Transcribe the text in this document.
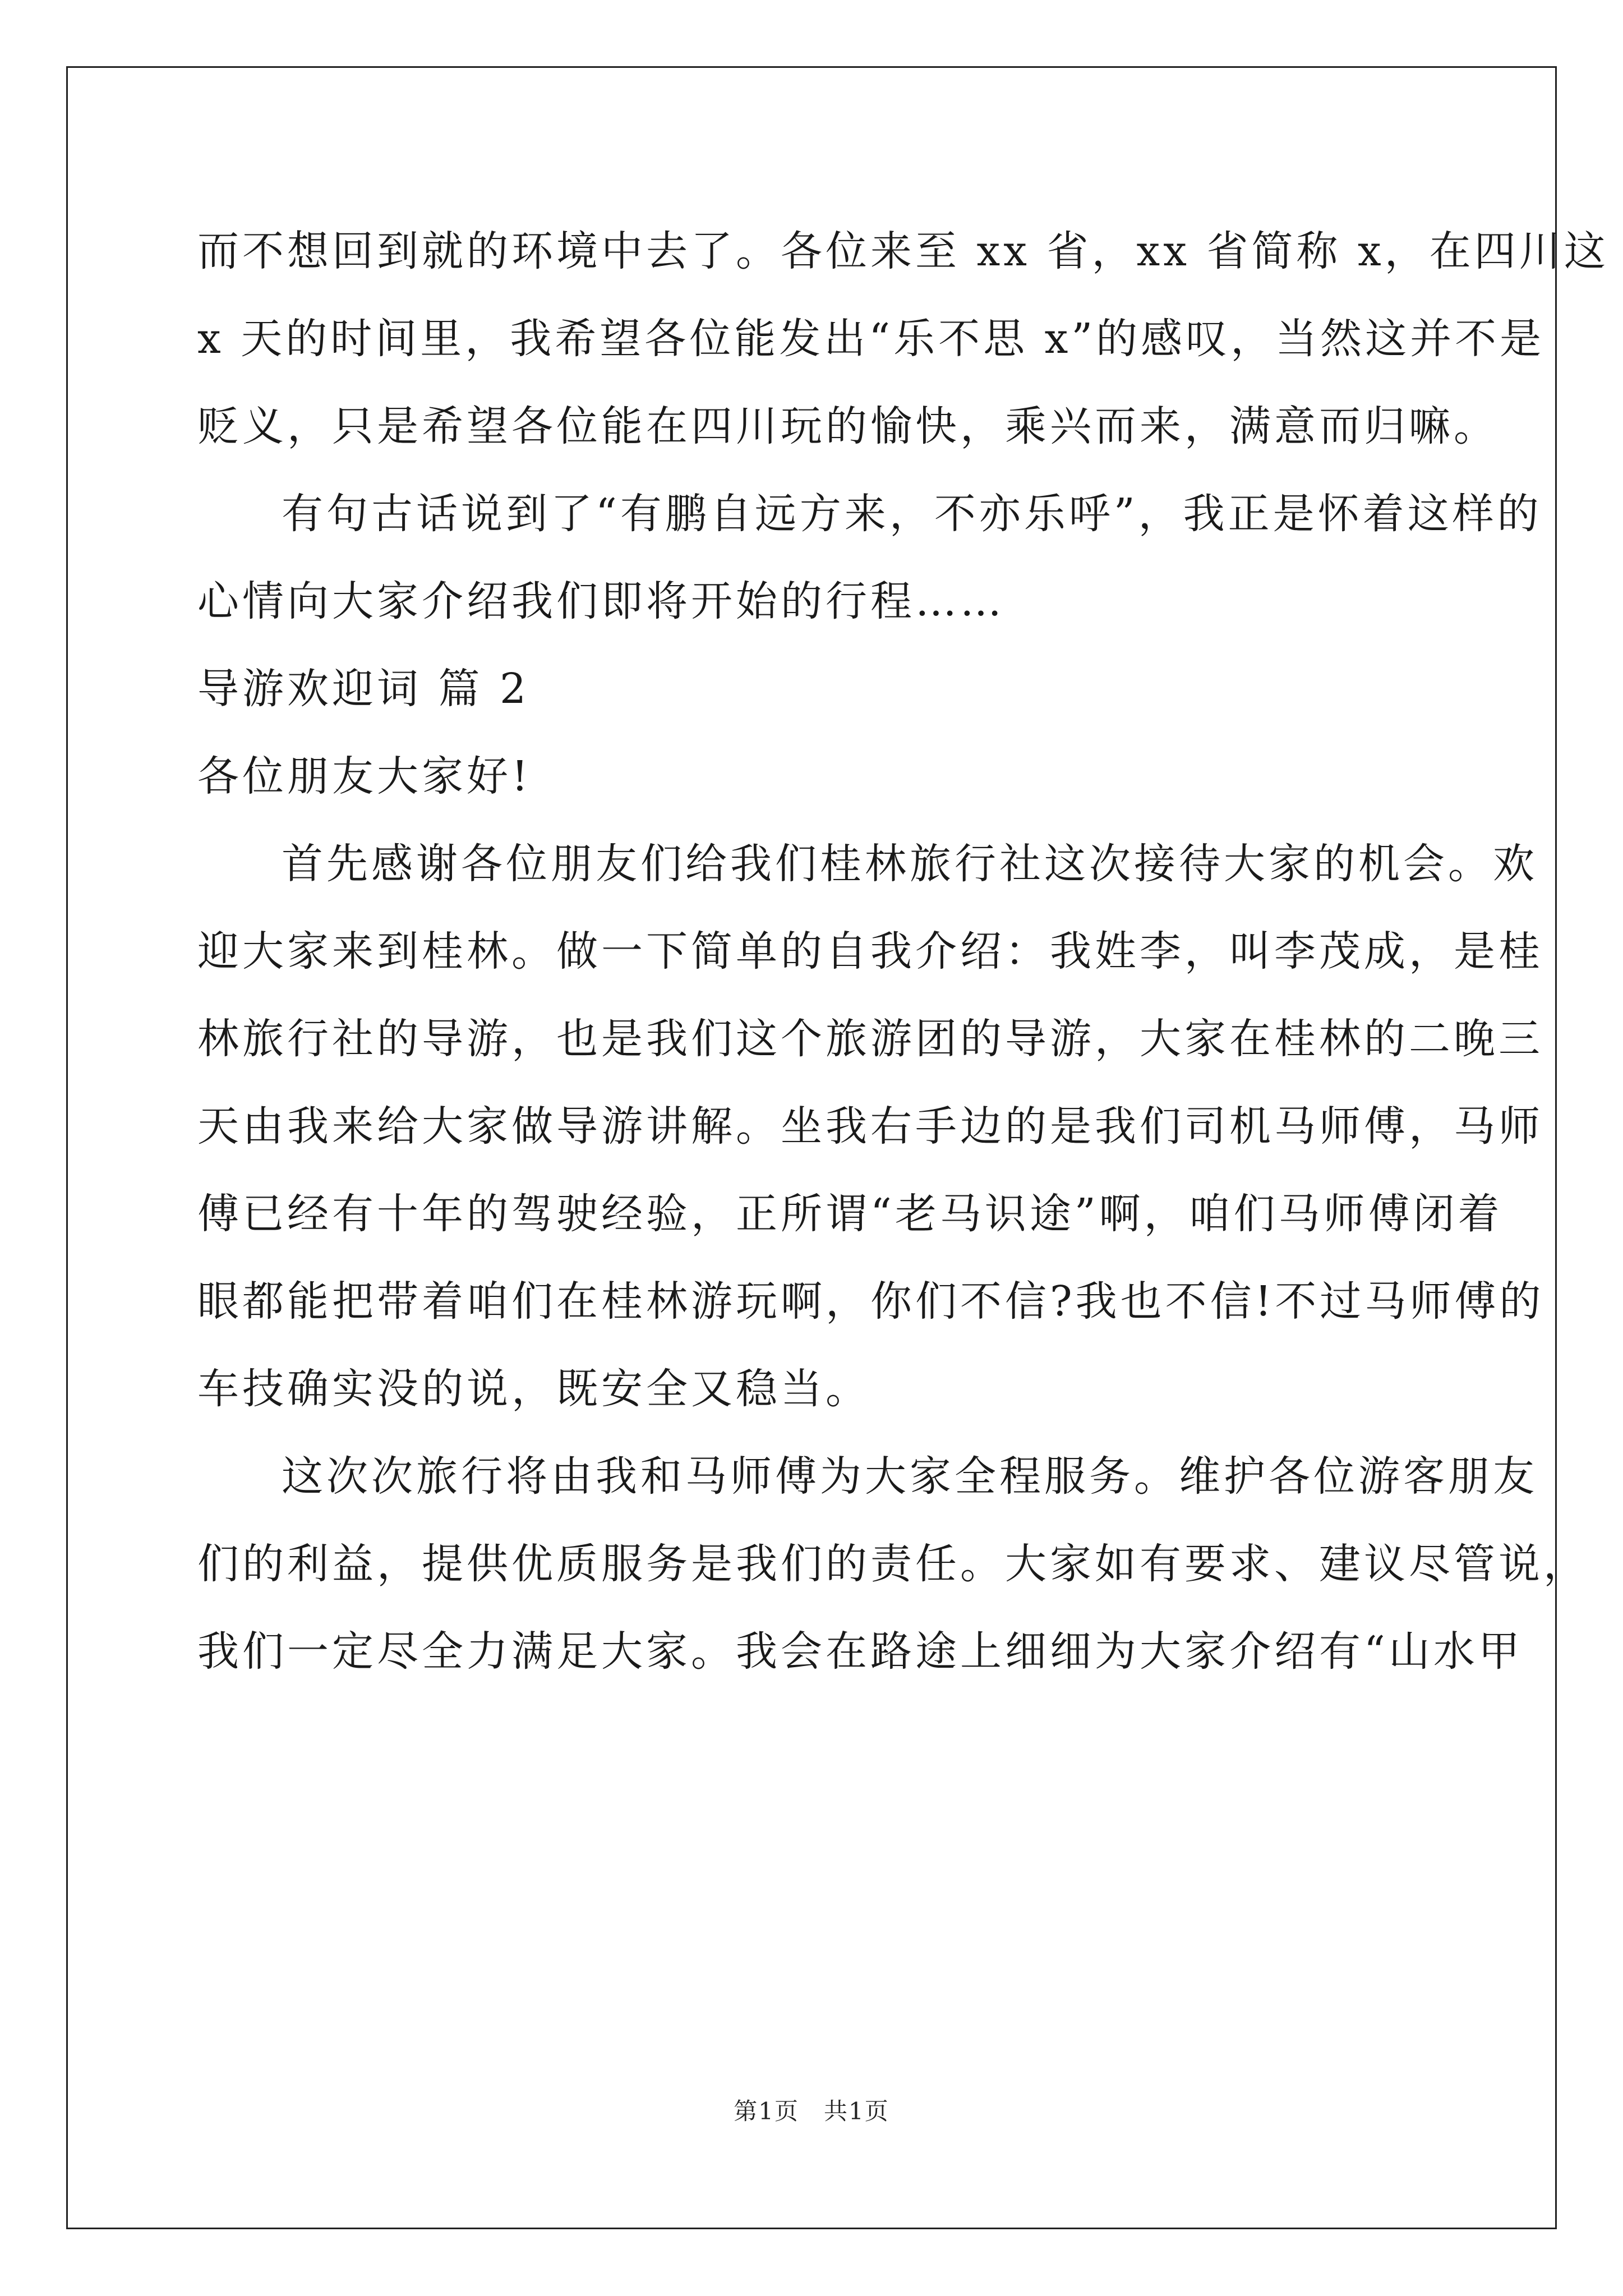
而不想回到就的环境中去了。各位来至 xx 省，xx 省简称 x，在四川这
x 天的时间里，我希望各位能发出“乐不思 x”的感叹，当然这并不是
贬义，只是希望各位能在四川玩的愉快，乘兴而来，满意而归嘛。
有句古话说到了“有鹏自远方来，不亦乐呼”，我正是怀着这样的
心情向大家介绍我们即将开始的行程……
导游欢迎词 篇 2
各位朋友大家好!
首先感谢各位朋友们给我们桂林旅行社这次接待大家的机会。欢
迎大家来到桂林。做一下简单的自我介绍：我姓李，叫李茂成，是桂
林旅行社的导游，也是我们这个旅游团的导游，大家在桂林的二晚三
天由我来给大家做导游讲解。坐我右手边的是我们司机马师傅，马师
傅已经有十年的驾驶经验，正所谓“老马识途”啊，咱们马师傅闭着
眼都能把带着咱们在桂林游玩啊，你们不信?我也不信!不过马师傅的
车技确实没的说，既安全又稳当。
这次次旅行将由我和马师傅为大家全程服务。维护各位游客朋友
们的利益，提供优质服务是我们的责任。大家如有要求、建议尽管说，
我们一定尽全力满足大家。我会在路途上细细为大家介绍有“山水甲
第1页　共1页
